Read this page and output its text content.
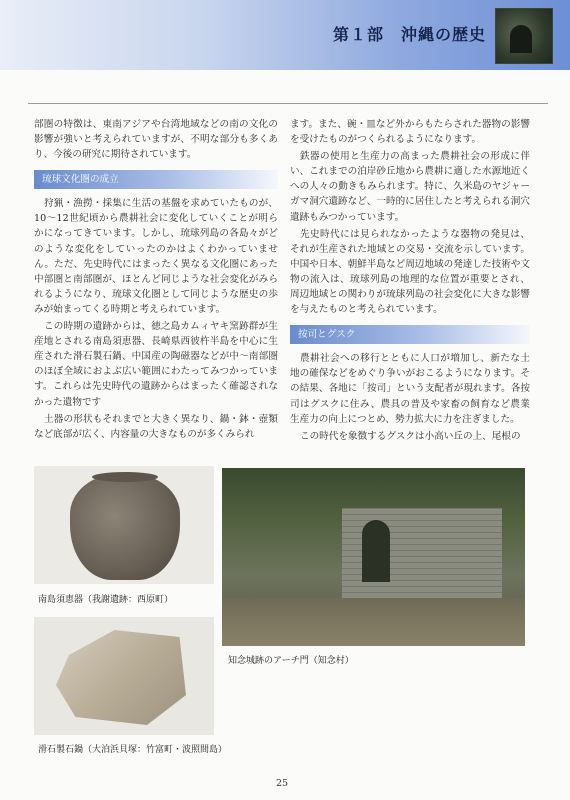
第１部　沖縄の歴史

部圏の特徴は、東南アジアや台湾地域などの南の文化の影響が強いと考えられていますが、不明な部分も多くあり、今後の研究に期待されています。

琉球文化圏の成立

狩猟・漁撈・採集に生活の基盤を求めていたものが、10～12世紀頃から農耕社会に変化していくことが明らかになってきています。しかし、琉球列島の各島々がどのような変化をしていったのかはよくわかっていません。ただ、先史時代にはまったく異なる文化圏にあった中部圏と南部圏が、ほとんど同じような社会変化がみられるようになり、琉球文化圏として同じような歴史の歩みが始まってくる時期と考えられています。

この時期の遺跡からは、徳之島カムィヤキ窯跡群が生産地とされる南島須恵器、長崎県西彼杵半島を中心に生産された滑石製石鍋、中国産の陶磁器などが中～南部圏のほぼ全域におよぶ広い範囲にわたってみつかっています。これらは先史時代の遺跡からはまったく確認されなかった遺物です

土器の形状もそれまでと大きく異なり、鍋・鉢・壺類など底部が広く、内容量の大きなものが多くみられ

ます。また、碗・皿など外からもたらされた器物の影響を受けたものがつくられるようになります。

鉄器の使用と生産力の高まった農耕社会の形成に伴い、これまでの泊岸砂丘地から農耕に適した水源地近くへの人々の動きもみられます。特に、久米島のヤジャーガマ洞穴遺跡など、一時的に居住したと考えられる洞穴遺跡もみつかっています。

先史時代には見られなかったような器物の発見は、それが生産された地域との交易・交流を示しています。中国や日本、朝鮮半島など周辺地域の発達した技術や文物の流入は、琉球列島の地理的な位置が重要とされ、周辺地域との関わりが琉球列島の社会変化に大きな影響を与えたものと考えられています。

按司とグスク

農耕社会への移行とともに人口が増加し、新たな土地の確保などをめぐり争いがおこるようになります。その結果、各地に「按司」という支配者が現れます。各按司はグスクに住み、農具の普及や家畜の飼育など農業生産力の向上につとめ、勢力拡大に力を注ぎました。

この時代を象徴するグスクは小高い丘の上、尾根の

南島須恵器（我謝遺跡：西原町）
知念城跡のアーチ門（知念村）
滑石製石鍋（大泊浜貝塚：竹富町・波照間島）
25
